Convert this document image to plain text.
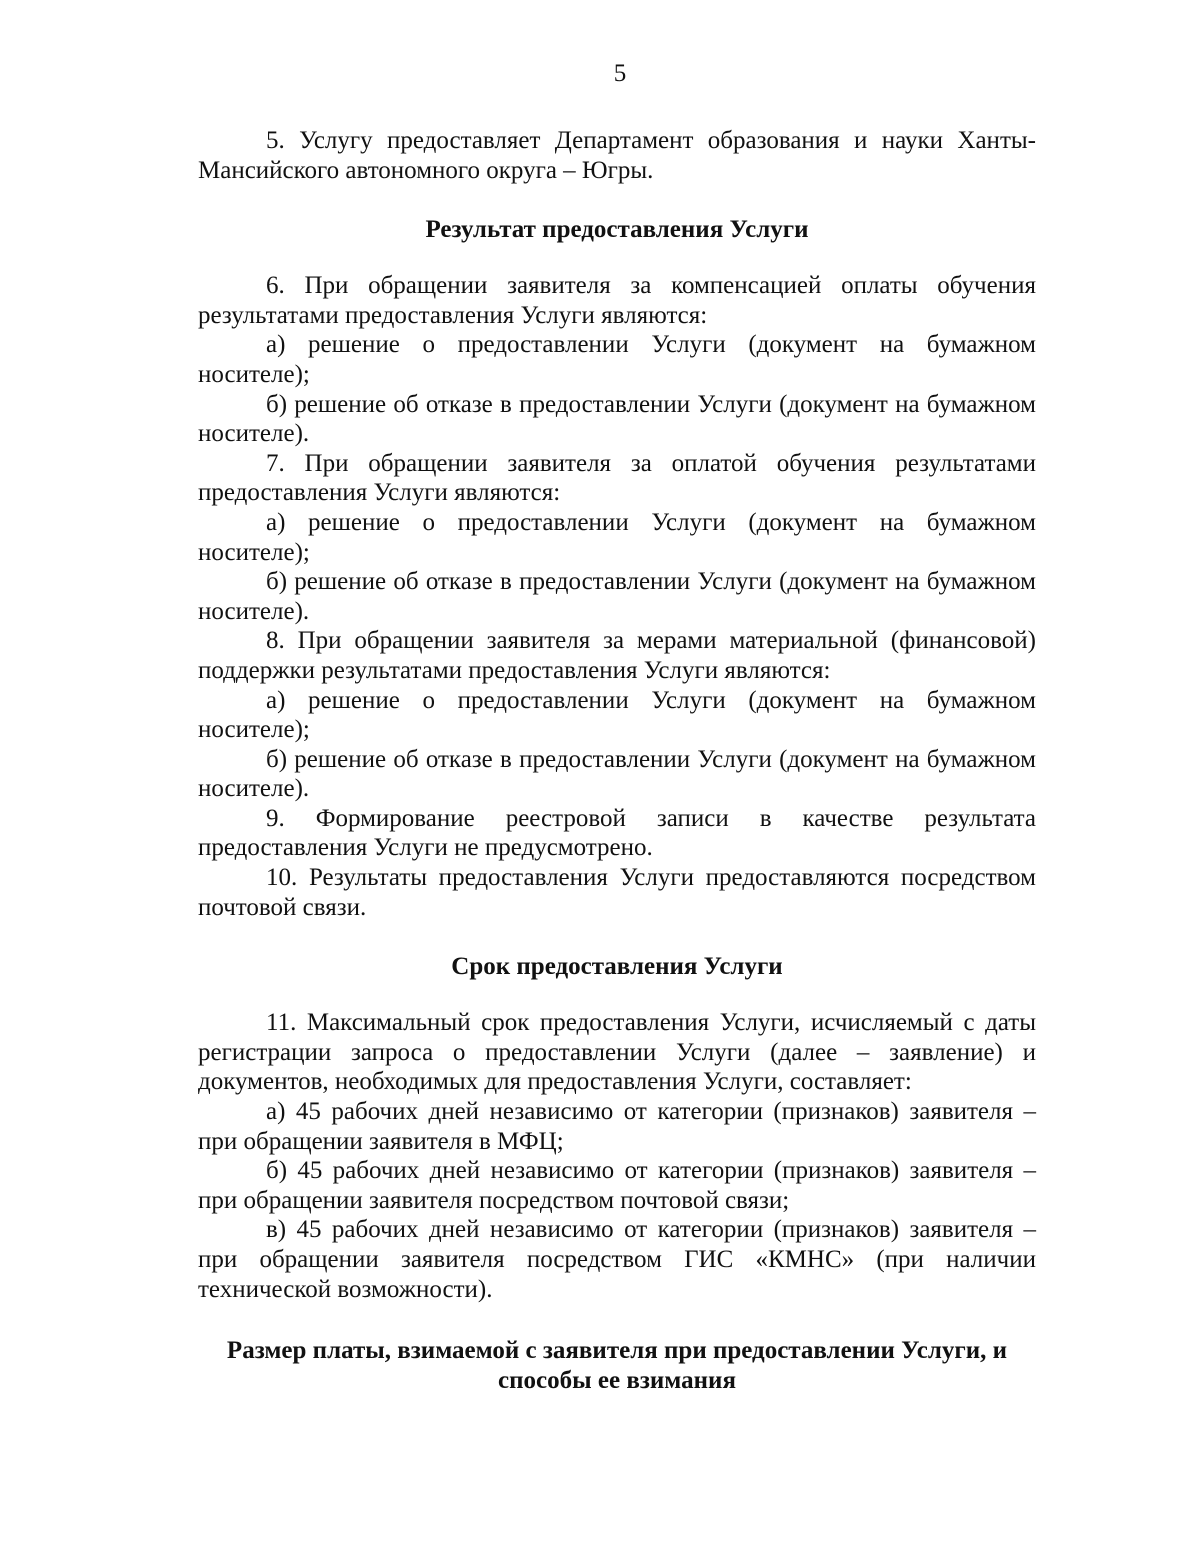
5

5. Услугу предоставляет Департамент образования и науки Ханты-Мансийского автономного округа – Югры.

Результат предоставления Услуги

6. При обращении заявителя за компенсацией оплаты обучения результатами предоставления Услуги являются:

а) решение о предоставлении Услуги (документ на бумажном носителе);

б) решение об отказе в предоставлении Услуги (документ на бумажном носителе).

7. При обращении заявителя за оплатой обучения результатами предоставления Услуги являются:

а) решение о предоставлении Услуги (документ на бумажном носителе);

б) решение об отказе в предоставлении Услуги (документ на бумажном носителе).

8. При обращении заявителя за мерами материальной (финансовой) поддержки результатами предоставления Услуги являются:

а) решение о предоставлении Услуги (документ на бумажном носителе);

б) решение об отказе в предоставлении Услуги (документ на бумажном носителе).

9. Формирование реестровой записи в качестве результата предоставления Услуги не предусмотрено.

10. Результаты предоставления Услуги предоставляются посредством почтовой связи.

Срок предоставления Услуги

11. Максимальный срок предоставления Услуги, исчисляемый с даты регистрации запроса о предоставлении Услуги (далее – заявление) и документов, необходимых для предоставления Услуги, составляет:

а) 45 рабочих дней независимо от категории (признаков) заявителя – при обращении заявителя в МФЦ;

б) 45 рабочих дней независимо от категории (признаков) заявителя – при обращении заявителя посредством почтовой связи;

в) 45 рабочих дней независимо от категории (признаков) заявителя – при обращении заявителя посредством ГИС «КМНС» (при наличии технической возможности).

Размер платы, взимаемой с заявителя при предоставлении Услуги, и способы ее взимания
